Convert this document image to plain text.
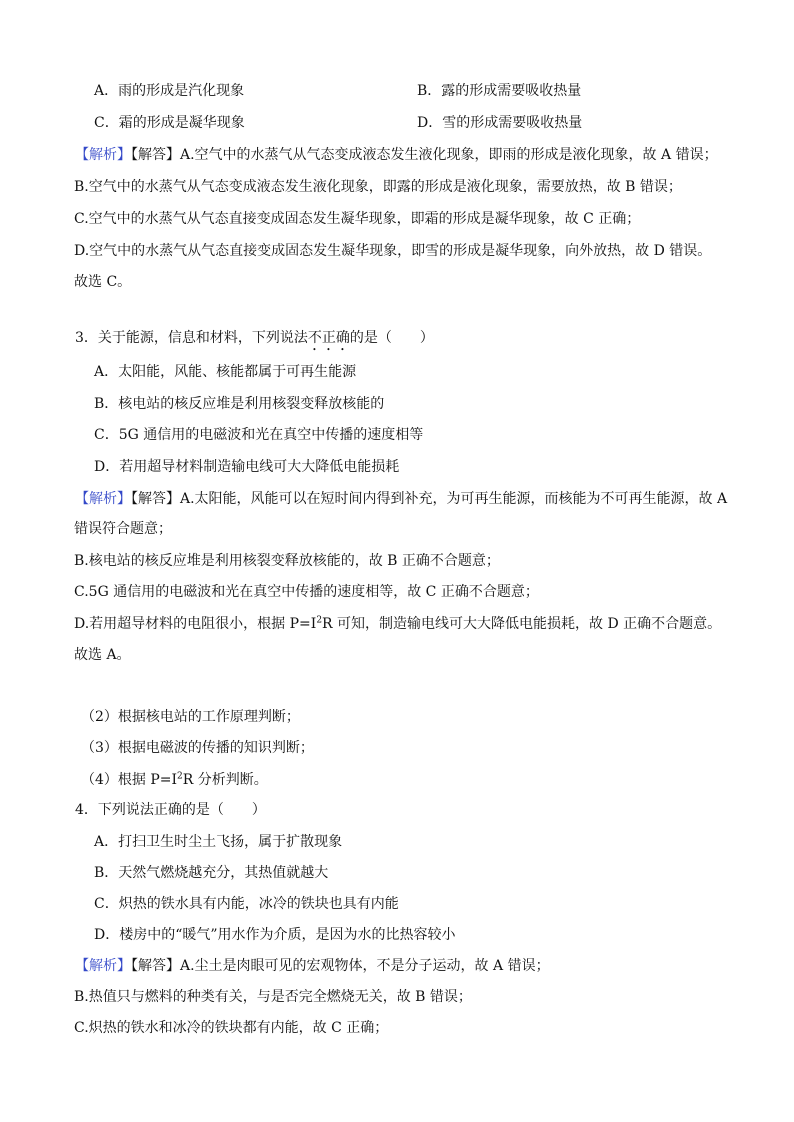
A．雨的形成是汽化现象	B．露的形成需要吸收热量
C．霜的形成是凝华现象	D．雪的形成需要吸收热量
【解析】【解答】A.空气中的水蒸气从气态变成液态发生液化现象，即雨的形成是液化现象，故 A 错误；
B.空气中的水蒸气从气态变成液态发生液化现象，即露的形成是液化现象，需要放热，故 B 错误；
C.空气中的水蒸气从气态直接变成固态发生凝华现象，即霜的形成是凝华现象，故 C 正确；
D.空气中的水蒸气从气态直接变成固态发生凝华现象，即雪的形成是凝华现象，向外放热，故 D 错误。
故选 C。
3．关于能源，信息和材料，下列说法不正确的是（　　）
A．太阳能，风能、核能都属于可再生能源
B．核电站的核反应堆是利用核裂变释放核能的
C．5G 通信用的电磁波和光在真空中传播的速度相等
D．若用超导材料制造输电线可大大降低电能损耗
【解析】【解答】A.太阳能，风能可以在短时间内得到补充，为可再生能源，而核能为不可再生能源，故 A
错误符合题意；
B.核电站的核反应堆是利用核裂变释放核能的，故 B 正确不合题意；
C.5G 通信用的电磁波和光在真空中传播的速度相等，故 C 正确不合题意；
D.若用超导材料的电阻很小，根据 $P=I^2R$ 可知，制造输电线可大大降低电能损耗，故 D 正确不合题意。
故选 A。
（2）根据核电站的工作原理判断；
（3）根据电磁波的传播的知识判断；
（4）根据 $P=I^2R$ 分析判断。
4．下列说法正确的是（　　）
A．打扫卫生时尘土飞扬，属于扩散现象
B．天然气燃烧越充分，其热值就越大
C．炽热的铁水具有内能，冰冷的铁块也具有内能
D．楼房中的“暖气”用水作为介质，是因为水的比热容较小
【解析】【解答】A.尘土是肉眼可见的宏观物体，不是分子运动，故 A 错误；
B.热值只与燃料的种类有关，与是否完全燃烧无关，故 B 错误；
C.炽热的铁水和冰冷的铁块都有内能，故 C 正确；
